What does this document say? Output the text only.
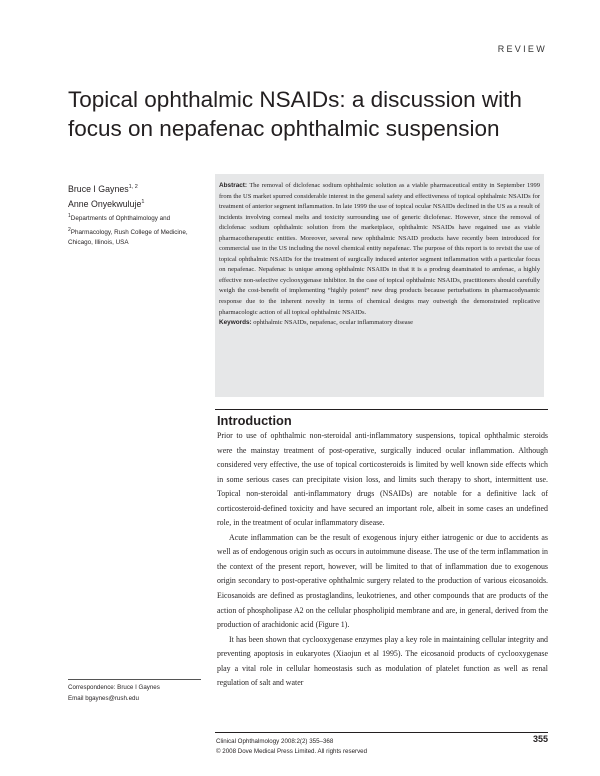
REVIEW
Topical ophthalmic NSAIDs: a discussion with focus on nepafenac ophthalmic suspension

Bruce I Gaynes$^{1, 2}$

Anne Onyekwuluje$^1$

$^1$Departments of Ophthalmology and $^2$Pharmacology, Rush College of Medicine, Chicago, Illinois, USA

Abstract: The removal of diclofenac sodium ophthalmic solution as a viable pharmaceutical entity in September 1999 from the US market spurred considerable interest in the general safety and effectiveness of topical ophthalmic NSAIDs for treatment of anterior segment inflammation. In late 1999 the use of topical ocular NSAIDs declined in the US as a result of incidents involving corneal melts and toxicity surrounding use of generic diclofenac. However, since the removal of diclofenac sodium ophthalmic solution from the marketplace, ophthalmic NSAIDs have regained use as viable pharmacotherapeutic entities. Moreover, several new ophthalmic NSAID products have recently been introduced for commercial use in the US including the novel chemical entity nepafenac. The purpose of this report is to revisit the use of topical ophthalmic NSAIDs for the treatment of surgically induced anterior segment inflammation with a particular focus on nepafenac. Nepafenac is unique among ophthalmic NSAIDs in that it is a prodrug deaminated to amfenac, a highly effective non-selective cyclooxygenase inhibitor. In the case of topical ophthalmic NSAIDs, practitioners should carefully weigh the cost-benefit of implementing “highly potent” new drug products because perturbations in pharmacodynamic response due to the inherent novelty in terms of chemical designs may outweigh the demonstrated replicative pharmacologic action of all topical ophthalmic NSAIDs.

Keywords: ophthalmic NSAIDs, nepafenac, ocular inflammatory disease

Introduction

Prior to use of ophthalmic non-steroidal anti-inflammatory suspensions, topical ophthalmic steroids were the mainstay treatment of post-operative, surgically induced ocular inflammation. Although considered very effective, the use of topical corticosteroids is limited by well known side effects which in some serious cases can precipitate vision loss, and limits such therapy to short, intermittent use. Topical non-steroidal anti-inflammatory drugs (NSAIDs) are notable for a definitive lack of corticosteroid-defined toxicity and have secured an important role, albeit in some cases an undefined role, in the treatment of ocular inflammatory disease.

Acute inflammation can be the result of exogenous injury either iatrogenic or due to accidents as well as of endogenous origin such as occurs in autoimmune disease. The use of the term inflammation in the context of the present report, however, will be limited to that of inflammation due to exogenous origin secondary to post-operative ophthalmic surgery related to the production of various eicosanoids. Eicosanoids are defined as prostaglandins, leukotrienes, and other compounds that are products of the action of phospholipase A2 on the cellular phospholipid membrane and are, in general, derived from the production of arachidonic acid (Figure 1).

It has been shown that cyclooxygenase enzymes play a key role in maintaining cellular integrity and preventing apoptosis in eukaryotes (Xiaojun et al 1995). The eicosanoid products of cyclooxygenase play a vital role in cellular homeostasis such as modulation of platelet function as well as renal regulation of salt and water

Correspondence: Bruce I Gaynes

Email bgaynes@rush.edu

Clinical Ophthalmology 2008:2(2) 355–368

© 2008 Dove Medical Press Limited. All rights reserved

355
